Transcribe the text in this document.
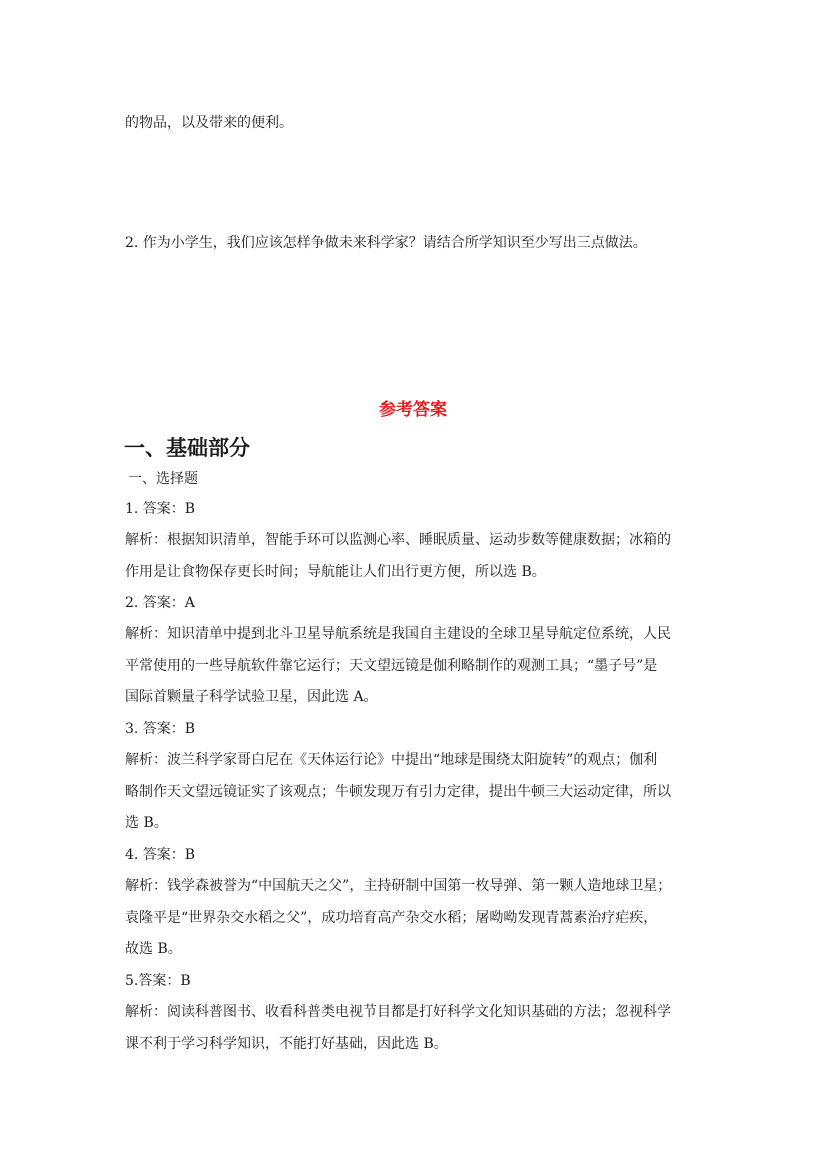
的物品，以及带来的便利。
2. 作为小学生，我们应该怎样争做未来科学家？请结合所学知识至少写出三点做法。
参考答案
一、基础部分
一、选择题
1. 答案：B
解析：根据知识清单，智能手环可以监测心率、睡眠质量、运动步数等健康数据；冰箱的
作用是让食物保存更长时间；导航能让人们出行更方便，所以选 B。
2. 答案：A
解析：知识清单中提到北斗卫星导航系统是我国自主建设的全球卫星导航定位系统，人民
平常使用的一些导航软件靠它运行；天文望远镜是伽利略制作的观测工具；“墨子号”是
国际首颗量子科学试验卫星，因此选 A。
3. 答案：B
解析：波兰科学家哥白尼在《天体运行论》中提出“地球是围绕太阳旋转”的观点；伽利
略制作天文望远镜证实了该观点；牛顿发现万有引力定律，提出牛顿三大运动定律，所以
选 B。
4. 答案：B
解析：钱学森被誉为“中国航天之父”，主持研制中国第一枚导弹、第一颗人造地球卫星；
袁隆平是“世界杂交水稻之父”，成功培育高产杂交水稻；屠呦呦发现青蒿素治疗疟疾，
故选 B。
5.答案：B
解析：阅读科普图书、收看科普类电视节目都是打好科学文化知识基础的方法；忽视科学
课不利于学习科学知识，不能打好基础，因此选 B。
